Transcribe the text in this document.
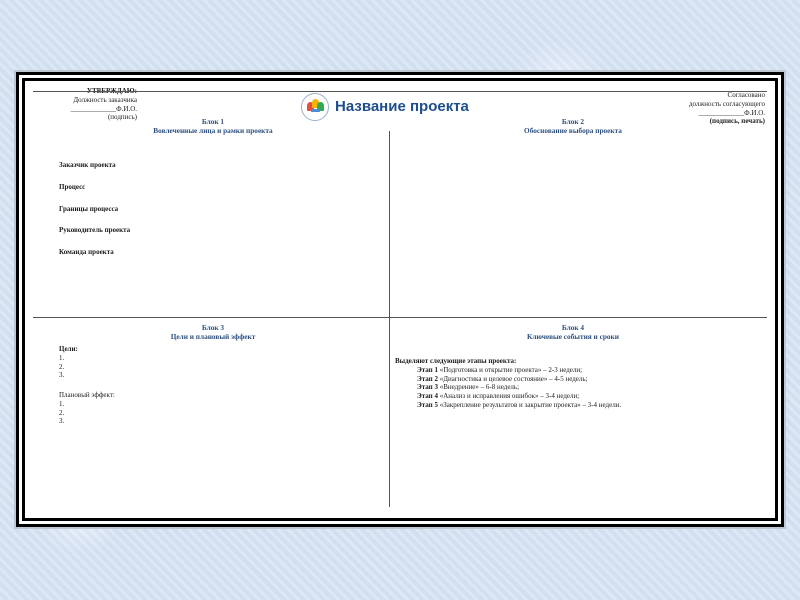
УТВЕРЖДАЮ:
Должность заказчика
_____________Ф.И.О.
(подпись)
Название проекта
Согласовано
должность согласующего
_____________Ф.И.О.
(подпись, печать)
Блок 1
Вовлеченные лица и рамки проекта
Блок 2
Обоснование выбора проекта
Заказчик проекта
Процесс
Границы процесса
Руководитель проекта
Команда проекта
Блок 3
Цели и плановый эффект
Блок 4
Ключевые события и сроки
Цели:
1.
2.
3.
Плановый эффект:
1.
2.
3.
Выделяют следующие этапы проекта:
Этап 1 «Подготовка и открытие проекта» – 2-3 недели;
Этап 2 «Диагностика и целевое состояние» – 4-5 недель;
Этап 3 «Внедрение» – 6-8 недель;
Этап 4 «Анализ и исправления ошибок» – 3-4 недели;
Этап 5 «Закрепление результатов и закрытие проекта» – 3-4 недели.
